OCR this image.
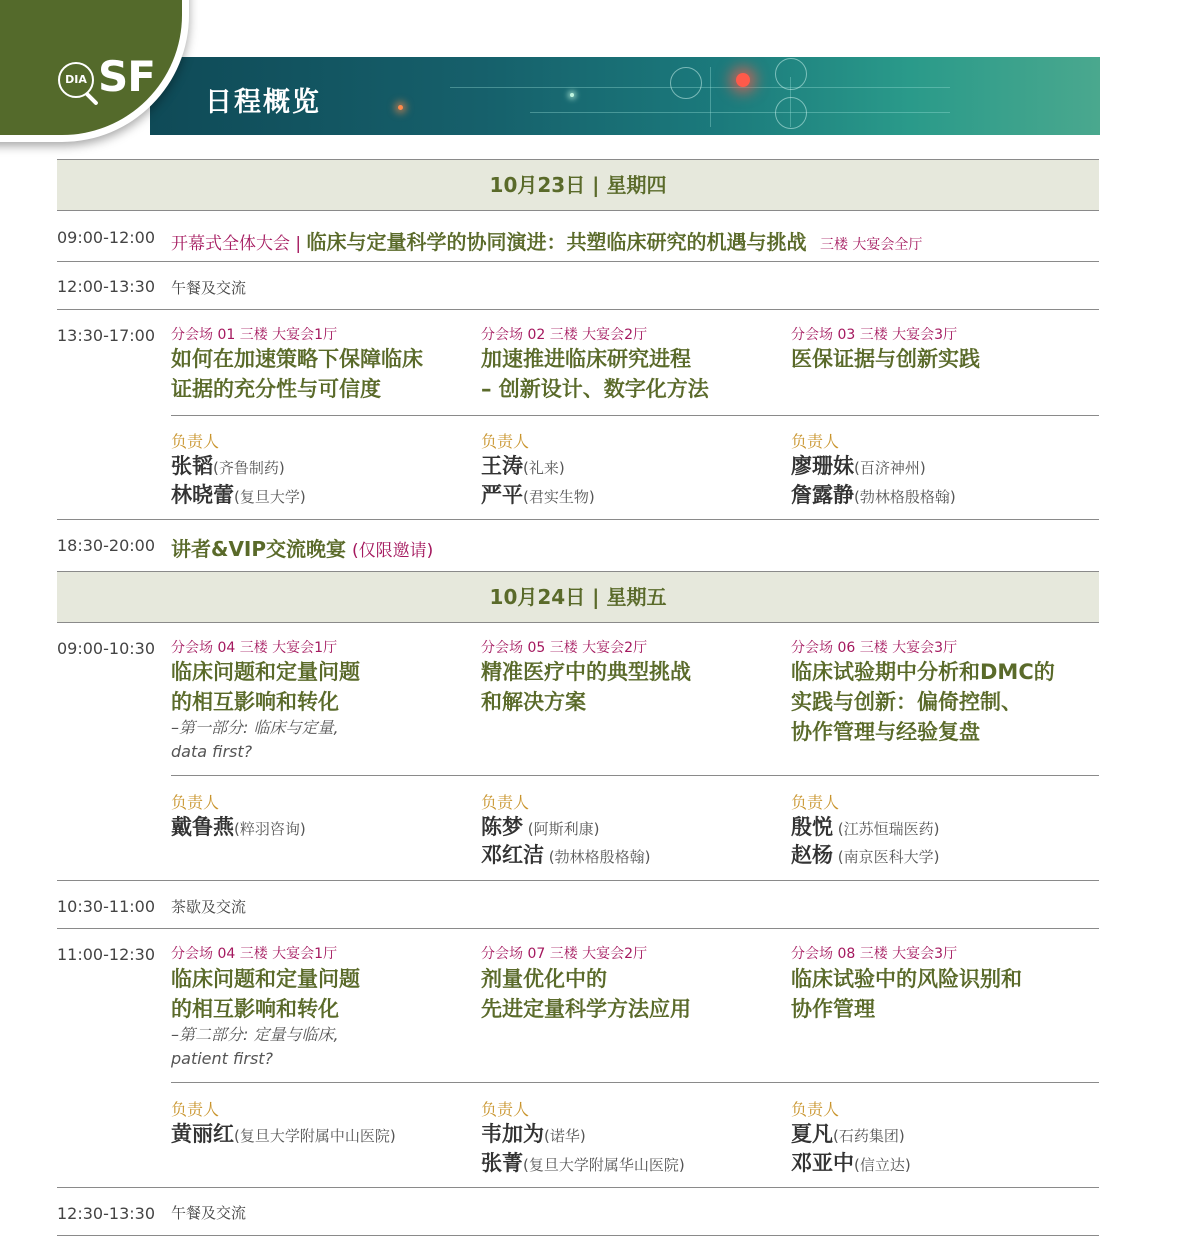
日程概览
DIA SF
10月23日 | 星期四
09:00-12:00 开幕式全体大会 | 临床与定量科学的协同演进：共塑临床研究的机遇与挑战 三楼 大宴会全厅
12:00-13:30 午餐及交流
13:30-17:00 分会场 01 三楼 大宴会1厅
如何在加速策略下保障临床
证据的充分性与可信度
分会场 02 三楼 大宴会2厅
加速推进临床研究进程
– 创新设计、数字化方法
分会场 03 三楼 大宴会3厅
医保证据与创新实践
负责人
张韬(齐鲁制药)
林晓蕾(复旦大学)
负责人
王涛(礼来)
严平(君实生物)
负责人
廖珊妹(百济神州)
詹露静(勃林格殷格翰)
18:30-20:00 讲者&VIP交流晚宴 (仅限邀请)
10月24日 | 星期五
09:00-10:30 分会场 04 三楼 大宴会1厅
临床问题和定量问题
的相互影响和转化
–第一部分: 临床与定量,
data first?
分会场 05 三楼 大宴会2厅
精准医疗中的典型挑战
和解决方案
分会场 06 三楼 大宴会3厅
临床试验期中分析和DMC的
实践与创新：偏倚控制、
协作管理与经验复盘
负责人
戴鲁燕(粹羽咨询)
负责人
陈梦 (阿斯利康)
邓红洁 (勃林格殷格翰)
负责人
殷悦 (江苏恒瑞医药)
赵杨 (南京医科大学)
10:30-11:00 茶歇及交流
11:00-12:30 分会场 04 三楼 大宴会1厅
临床问题和定量问题
的相互影响和转化
–第二部分: 定量与临床,
patient first?
分会场 07 三楼 大宴会2厅
剂量优化中的
先进定量科学方法应用
分会场 08 三楼 大宴会3厅
临床试验中的风险识别和
协作管理
负责人
黄丽红(复旦大学附属中山医院)
负责人
韦加为(诺华)
张菁(复旦大学附属华山医院)
负责人
夏凡(石药集团)
邓亚中(信立达)
12:30-13:30 午餐及交流
